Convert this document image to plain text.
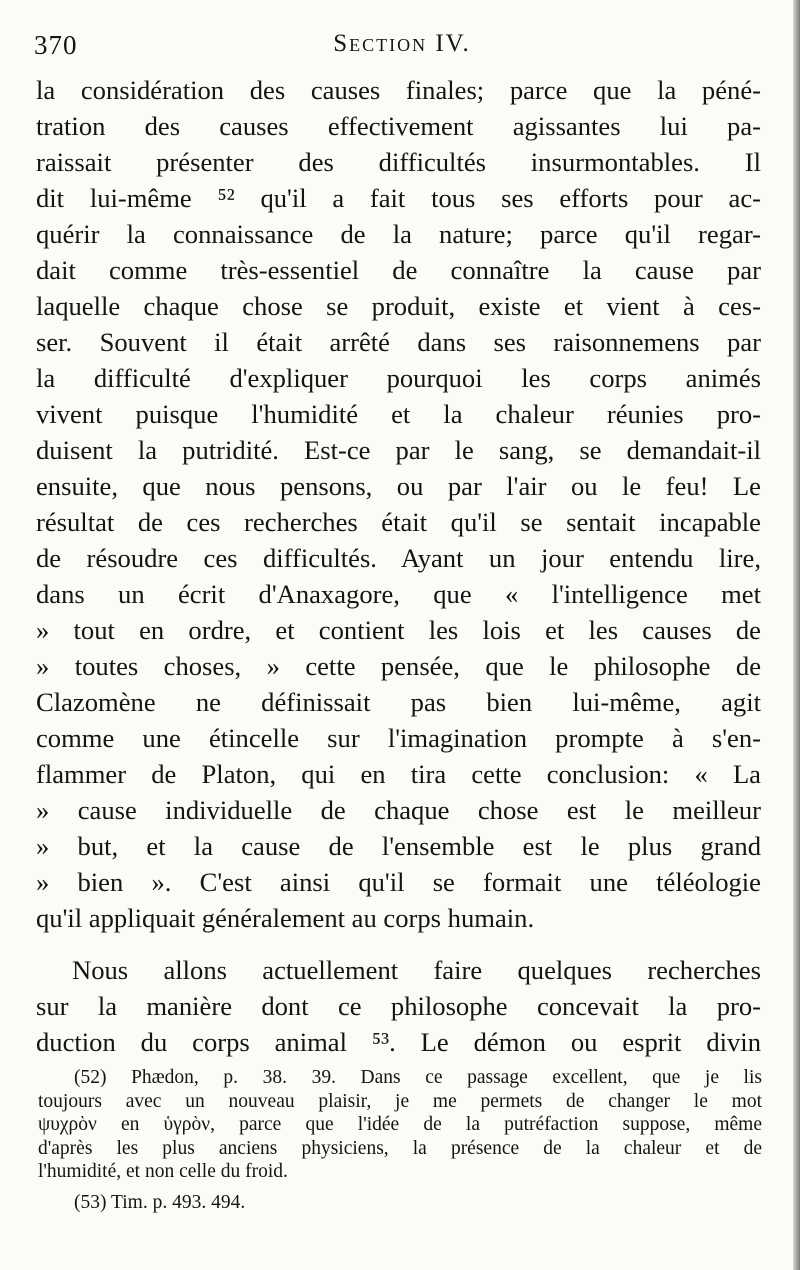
370	Section IV.
la considération des causes finales; parce que la péné-
tration des causes effectivement agissantes lui pa-
raissait présenter des difficultés insurmontables. Il
dit lui-même ⁵² qu'il a fait tous ses efforts pour ac-
quérir la connaissance de la nature; parce qu'il regar-
dait comme très-essentiel de connaître la cause par
laquelle chaque chose se produit, existe et vient à ces-
ser. Souvent il était arrêté dans ses raisonnemens par
la difficulté d'expliquer pourquoi les corps animés
vivent puisque l'humidité et la chaleur réunies pro-
duisent la putridité. Est-ce par le sang, se demandait-il
ensuite, que nous pensons, ou par l'air ou le feu! Le
résultat de ces recherches était qu'il se sentait incapable
de résoudre ces difficultés. Ayant un jour entendu lire,
dans un écrit d'Anaxagore, que « l'intelligence met
» tout en ordre, et contient les lois et les causes de
» toutes choses, » cette pensée, que le philosophe de
Clazomène ne définissait pas bien lui-même, agit
comme une étincelle sur l'imagination prompte à s'en-
flammer de Platon, qui en tira cette conclusion: « La
» cause individuelle de chaque chose est le meilleur
» but, et la cause de l'ensemble est le plus grand
» bien ». C'est ainsi qu'il se formait une téléologie
qu'il appliquait généralement au corps humain.
Nous allons actuellement faire quelques recherches
sur la manière dont ce philosophe concevait la pro-
duction du corps animal ⁵³. Le démon ou esprit divin
(52) Phædon, p. 38. 39. Dans ce passage excellent, que je lis
toujours avec un nouveau plaisir, je me permets de changer le mot
ψυχρὸν en ὑγρὸν, parce que l'idée de la putréfaction suppose, même
d'après les plus anciens physiciens, la présence de la chaleur et de
l'humidité, et non celle du froid.
(53) Tim. p. 493. 494.
